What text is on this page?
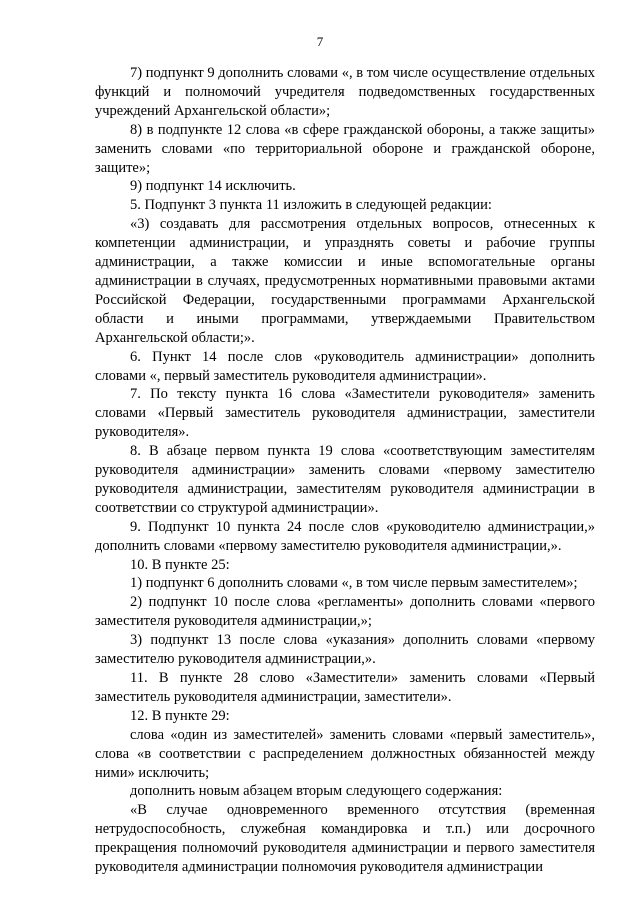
7

7) подпункт 9 дополнить словами «, в том числе осуществление отдельных функций и полномочий учредителя подведомственных государственных учреждений Архангельской области»;

8) в подпункте 12 слова «в сфере гражданской обороны, а также защиты» заменить словами «по территориальной обороне и гражданской обороне, защите»;

9) подпункт 14 исключить.

5. Подпункт 3 пункта 11 изложить в следующей редакции:

«3) создавать для рассмотрения отдельных вопросов, отнесенных к компетенции администрации, и упразднять советы и рабочие группы администрации, а также комиссии и иные вспомогательные органы администрации в случаях, предусмотренных нормативными правовыми актами Российской Федерации, государственными программами Архангельской области и иными программами, утверждаемыми Правительством Архангельской области;».

6. Пункт 14 после слов «руководитель администрации» дополнить словами «, первый заместитель руководителя администрации».

7. По тексту пункта 16 слова «Заместители руководителя» заменить словами «Первый заместитель руководителя администрации, заместители руководителя».

8. В абзаце первом пункта 19 слова «соответствующим заместителям руководителя администрации» заменить словами «первому заместителю руководителя администрации, заместителям руководителя администрации в соответствии со структурой администрации».

9. Подпункт 10 пункта 24 после слов «руководителю администрации,» дополнить словами «первому заместителю руководителя администрации,».

10. В пункте 25:

1) подпункт 6 дополнить словами «, в том числе первым заместителем»;

2) подпункт 10 после слова «регламенты» дополнить словами «первого заместителя руководителя администрации,»;

3) подпункт 13 после слова «указания» дополнить словами «первому заместителю руководителя администрации,».

11. В пункте 28 слово «Заместители» заменить словами «Первый заместитель руководителя администрации, заместители».

12. В пункте 29:

слова «один из заместителей» заменить словами «первый заместитель», слова «в соответствии с распределением должностных обязанностей между ними» исключить;

дополнить новым абзацем вторым следующего содержания:

«В случае одновременного временного отсутствия (временная нетрудоспособность, служебная командировка и т.п.) или досрочного прекращения полномочий руководителя администрации и первого заместителя руководителя администрации полномочия руководителя администрации
